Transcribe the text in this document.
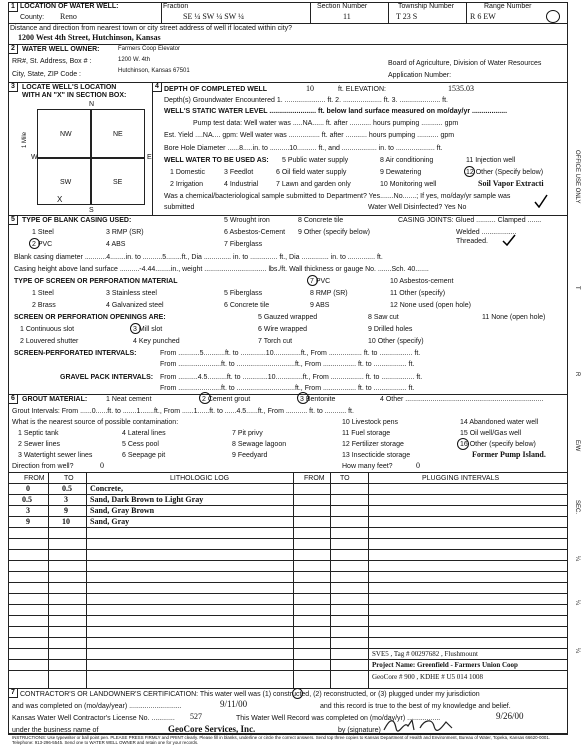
1 LOCATION OF WATER WELL:
County: Reno
Fraction
SE ¼ SW ¼ SW ¼
Section Number
11
Township Number
T 23 S
Range Number
R 6 EW
Distance and direction from nearest town or city street address of well if located within city?
1200 West 4th Street, Hutchinson, Kansas
2	WATER WELL OWNER:	Farmers Coop Elevator
RR#, St. Address, Box # :	1200 W. 4th
City, State, ZIP Code :	Hutchinson, Kansas 67501
Board of Agriculture, Division of Water Resources
Application Number:
3	LOCATE WELL'S LOCATION
WITH AN "X" IN SECTION BOX:
N
NW	NE
SW	SE
X
W	E
S
1 Mile
4 DEPTH OF COMPLETED WELL	10	ft. ELEVATION:	1535.03
Depth(s) Groundwater Encountered 1. ..................... ft. 2. .................... ft. 3. ..................... ft.
WELL'S STATIC WATER LEVEL ........................ ft. below land surface measured on mo/day/yr ..................
Pump test data: Well water was .....NA...... ft. after ........... hours pumping ........... gpm
Est. Yield ....NA.... gpm: Well water was ................ ft. after ........... hours pumping ........... gpm
Bore Hole Diameter ......8.....in. to ..........10.......... ft., and .................. in. to .................... ft.
WELL WATER TO BE USED AS: 5 Public water supply	8 Air conditioning	11 Injection well
1 Domestic	3 Feedlot	6 Oil field water supply	9 Dewatering	12 Other (Specify below)
2 Irrigation	4 Industrial	7 Lawn and garden only	10 Monitoring well	Soil Vapor Extracti
Was a chemical/bacteriological sample submitted to Department? Yes.......No.......; If yes, mo/day/yr sample was
submitted	Water Well Disinfected? Yes No
5	TYPE OF BLANK CASING USED:	5 Wrought iron	8 Concrete tile	CASING JOINTS: Glued .......... Clamped .......
1 Steel	3 RMP (SR)	6 Asbestos-Cement 9 Other (specify below)	Welded ..................
2 PVC	4 ABS	7 Fiberglass	Threaded.
Blank casing diameter ...........4........in. to ..........5........ft., Dia .............. in. to .............. ft., Dia .............. in. to .............. ft.
Casing height above land surface ..........-4.44........in., weight ................................ lbs./ft. Wall thickness or gauge No. .......Sch. 40.......
TYPE OF SCREEN OR PERFORATION MATERIAL	7 PVC	10 Asbestos-cement
1 Steel	3 Stainless steel	5 Fiberglass	8 RMP (SR)	11 Other (specify)
2 Brass	4 Galvanized steel	6 Concrete tile	9 ABS	12 None used (open hole)
SCREEN OR PERFORATION OPENINGS ARE:	5 Gauzed wrapped	8 Saw cut	11 None (open hole)
1 Continuous slot	3 Mill slot	6 Wire wrapped	9 Drilled holes
2 Louvered shutter	4 Key punched	7 Torch cut	10 Other (specify)
SCREEN-PERFORATED INTERVALS:	From ...........5...........ft. to .............10..............ft., From ................. ft. to ................. ft.
From ......................ft. to ..............................ft., From ................. ft. to ................. ft.
GRAVEL PACK INTERVALS: From ..........4.5..........ft. to .............10..............ft., From ................. ft. to ................. ft.
From ......................ft. to ..............................ft., From ................. ft. to ................. ft.
6	GROUT MATERIAL:	1 Neat cement	2 Cement grout	3 Bentonite	4 Other .......................................................................
Grout Intervals: From ......0......ft. to .......1.......ft., From ......1......ft. to ......4.5......ft., From ........... ft. to ........... ft.
What is the nearest source of possible contamination:	10 Livestock pens	14 Abandoned water well
1 Septic tank	4 Lateral lines	7 Pit privy	11 Fuel storage	15 Oil well/Gas well
2 Sewer lines	5 Cess pool	8 Sewage lagoon	12 Fertilizer storage	16 Other (specify below)
3 Watertight sewer lines	6 Seepage pit	9 Feedyard	13 Insecticide storage	Former Pump Island.
Direction from well?	0	How many feet?	0
FROM	TO	LITHOLOGIC LOG	FROM TO	PLUGGING INTERVALS
0	0.5 Concrete,
0.5	3	Sand, Dark Brown to Light Gray
3	9	Sand, Gray Brown
9	10	Sand, Gray
SVE5 , Tag # 00297682 , Flushmount
Project Name: Greenfield - Farmers Union Coop
GeoCore # 900 , KDHE # U5 014 1008
7 CONTRACTOR'S OR LANDOWNER'S CERTIFICATION: This water well was (1) constructed, (2) reconstructed, or (3) plugged under my jurisdiction
and was completed on (mo/day/year) ...........................	9/11/00	and this record is true to the best of my knowledge and belief.
Kansas Water Well Contractor's License No. ............ 527	This Water Well Record was completed on (mo/day/yr) .................	9/26/00
under the business name of	GeoCore Services, Inc.	by (signature)
INSTRUCTIONS: Use typewriter or ball point pen. PLEASE PRESS FIRMLY and PRINT clearly. Please fill in blanks, underline or circle the correct answers. Send top three copies to Kansas Department of Health and Environment, Bureau of Water, Topeka, Kansas 66620-0001. Telephone: 913-296-5545. Send one to WATER WELL OWNER and retain one for your records.
OFFICE USE ONLY
T
R
E/W
SEC.
¼
¼
¼
